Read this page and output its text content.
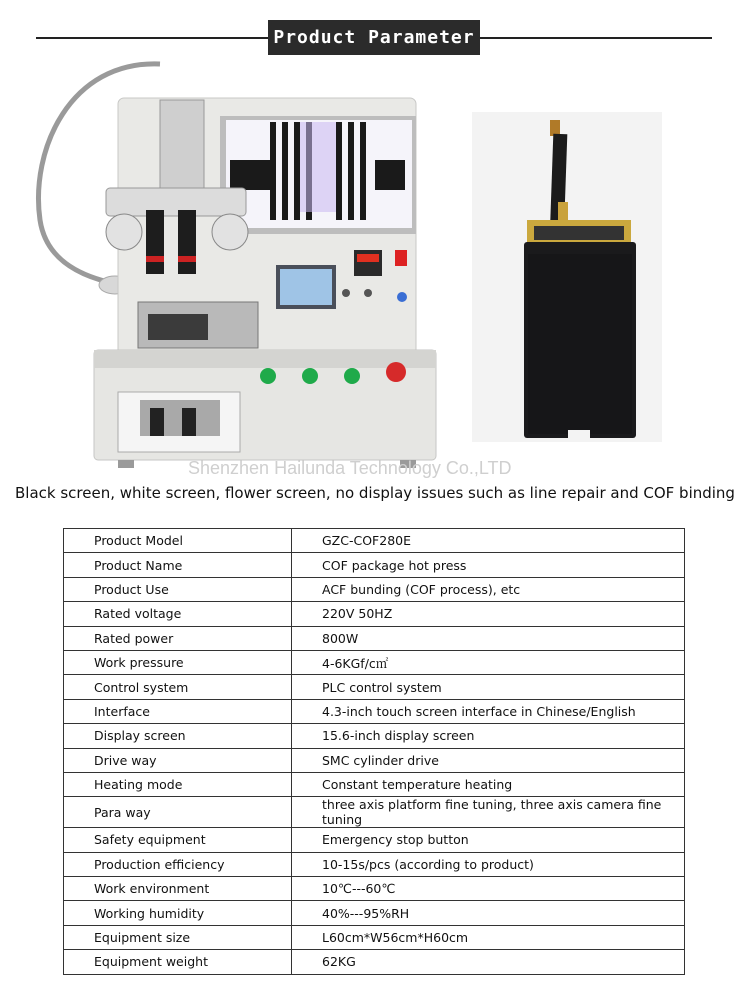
Product Parameter
Shenzhen Hailunda Technology Co.,LTD
Black screen, white screen, flower screen, no display issues such as line repair and COF binding
Product Model	GZC-COF280E
Product Name	COF package hot press
Product Use	ACF bunding (COF process), etc
Rated voltage	220V 50HZ
Rated power	800W
Work pressure	4-6KGf/c㎡
Control system	PLC control system
Interface	4.3-inch touch screen interface in Chinese/English
Display screen	15.6-inch display screen
Drive way	SMC cylinder drive
Heating mode	Constant temperature heating
Para way	three axis platform fine tuning, three axis camera fine tuning
Safety equipment	Emergency stop button
Production efficiency	10-15s/pcs (according to product)
Work environment	10℃---60℃
Working humidity	40%---95%RH
Equipment size	L60cm*W56cm*H60cm
Equipment weight	62KG
